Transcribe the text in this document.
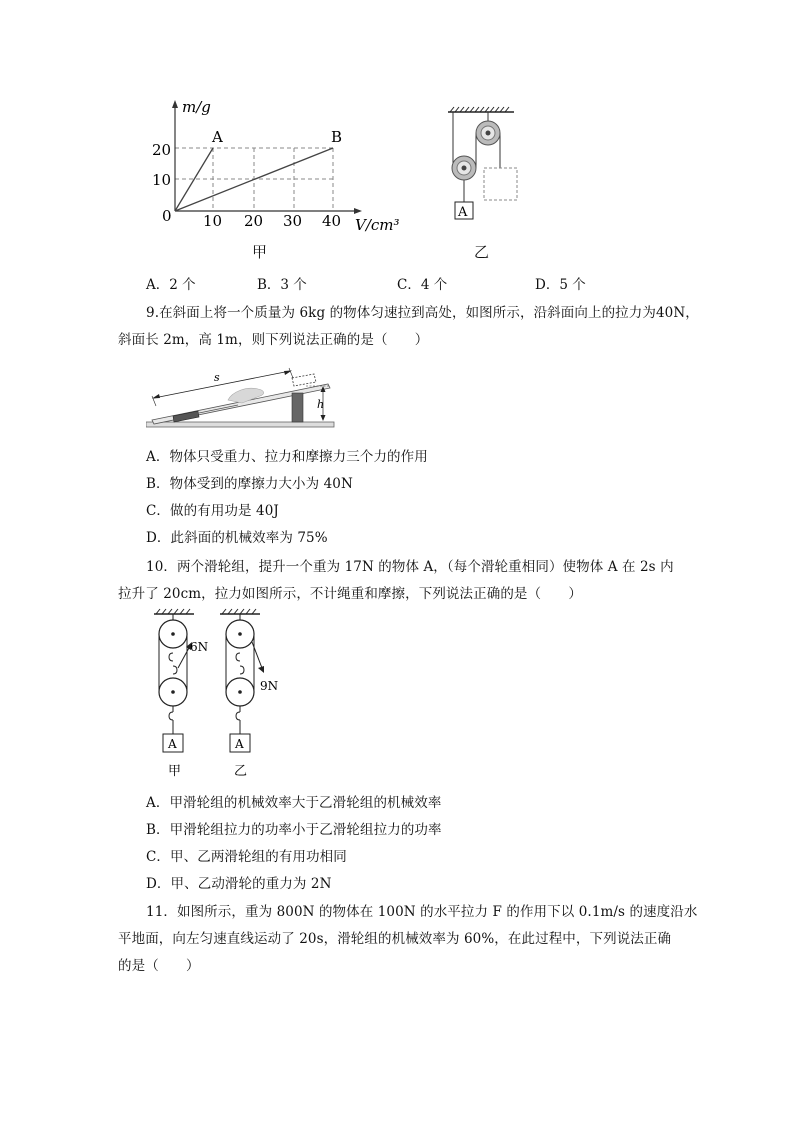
m/g
20
10
0 10 20 30 40 V/cm³
A	B
甲
A
乙
A．2 个	B．3 个	C．4 个	D．5 个
9.在斜面上将一个质量为 6kg 的物体匀速拉到高处，如图所示，沿斜面向上的拉力为40N，
斜面长 2m，高 1m，则下列说法正确的是（　　）
s
h
A．物体只受重力、拉力和摩擦力三个力的作用
B．物体受到的摩擦力大小为 40N
C．做的有用功是 40J
D．此斜面的机械效率为 75%
10．两个滑轮组，提升一个重为 17N 的物体 A，（每个滑轮重相同）使物体 A 在 2s 内
拉升了 20cm，拉力如图所示，不计绳重和摩擦，下列说法正确的是（　　）
6N
A
9N
A
甲	乙
A．甲滑轮组的机械效率大于乙滑轮组的机械效率
B．甲滑轮组拉力的功率小于乙滑轮组拉力的功率
C．甲、乙两滑轮组的有用功相同
D．甲、乙动滑轮的重力为 2N
11．如图所示，重为 800N 的物体在 100N 的水平拉力 F 的作用下以 0.1m/s 的速度沿水
平地面，向左匀速直线运动了 20s，滑轮组的机械效率为 60%，在此过程中，下列说法正确
的是（　　）
